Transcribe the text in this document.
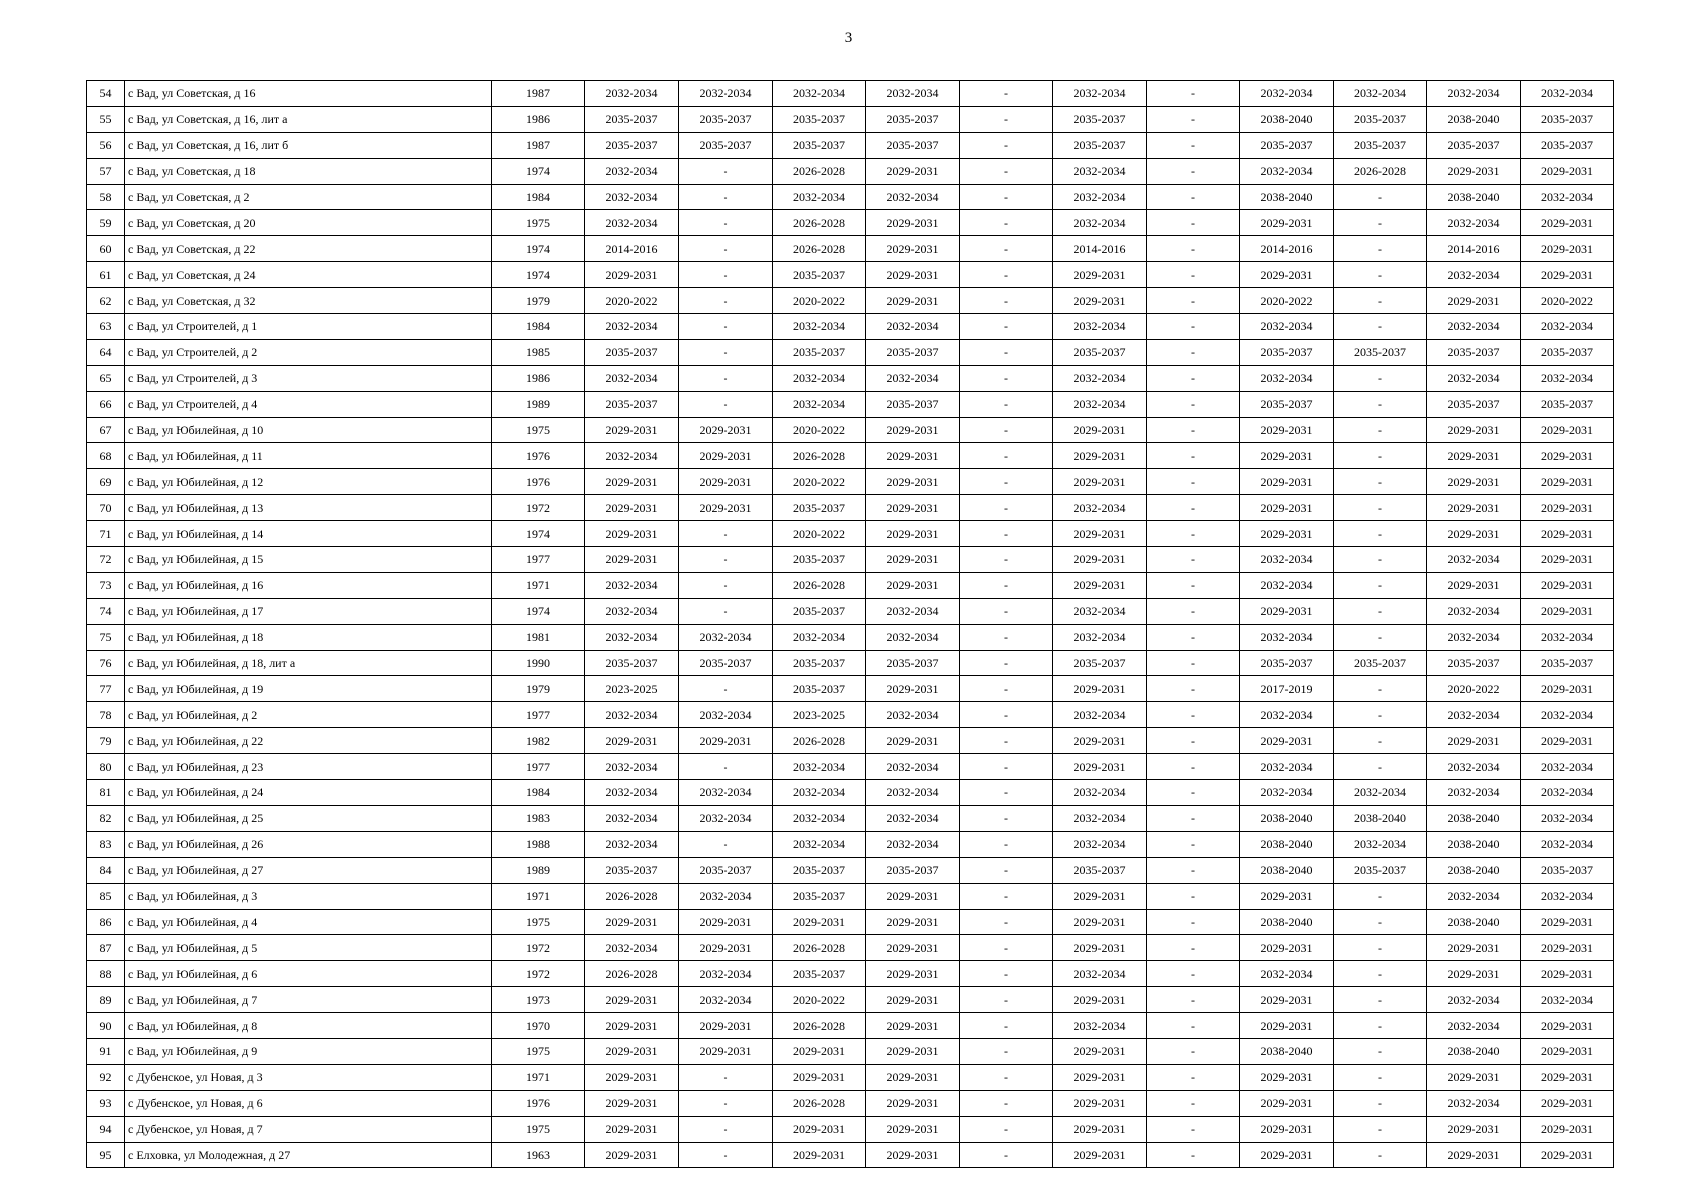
3
54	с Вад, ул Советская, д 16	1987	2032-2034	2032-2034	2032-2034	2032-2034	-	2032-2034	-	2032-2034	2032-2034	2032-2034	2032-2034
55	с Вад, ул Советская, д 16, лит а	1986	2035-2037	2035-2037	2035-2037	2035-2037	-	2035-2037	-	2038-2040	2035-2037	2038-2040	2035-2037
56	с Вад, ул Советская, д 16, лит б	1987	2035-2037	2035-2037	2035-2037	2035-2037	-	2035-2037	-	2035-2037	2035-2037	2035-2037	2035-2037
57	с Вад, ул Советская, д 18	1974	2032-2034	-	2026-2028	2029-2031	-	2032-2034	-	2032-2034	2026-2028	2029-2031	2029-2031
58	с Вад, ул Советская, д 2	1984	2032-2034	-	2032-2034	2032-2034	-	2032-2034	-	2038-2040	-	2038-2040	2032-2034
59	с Вад, ул Советская, д 20	1975	2032-2034	-	2026-2028	2029-2031	-	2032-2034	-	2029-2031	-	2032-2034	2029-2031
60	с Вад, ул Советская, д 22	1974	2014-2016	-	2026-2028	2029-2031	-	2014-2016	-	2014-2016	-	2014-2016	2029-2031
61	с Вад, ул Советская, д 24	1974	2029-2031	-	2035-2037	2029-2031	-	2029-2031	-	2029-2031	-	2032-2034	2029-2031
62	с Вад, ул Советская, д 32	1979	2020-2022	-	2020-2022	2029-2031	-	2029-2031	-	2020-2022	-	2029-2031	2020-2022
63	с Вад, ул Строителей, д 1	1984	2032-2034	-	2032-2034	2032-2034	-	2032-2034	-	2032-2034	-	2032-2034	2032-2034
64	с Вад, ул Строителей, д 2	1985	2035-2037	-	2035-2037	2035-2037	-	2035-2037	-	2035-2037	2035-2037	2035-2037	2035-2037
65	с Вад, ул Строителей, д 3	1986	2032-2034	-	2032-2034	2032-2034	-	2032-2034	-	2032-2034	-	2032-2034	2032-2034
66	с Вад, ул Строителей, д 4	1989	2035-2037	-	2032-2034	2035-2037	-	2032-2034	-	2035-2037	-	2035-2037	2035-2037
67	с Вад, ул Юбилейная, д 10	1975	2029-2031	2029-2031	2020-2022	2029-2031	-	2029-2031	-	2029-2031	-	2029-2031	2029-2031
68	с Вад, ул Юбилейная, д 11	1976	2032-2034	2029-2031	2026-2028	2029-2031	-	2029-2031	-	2029-2031	-	2029-2031	2029-2031
69	с Вад, ул Юбилейная, д 12	1976	2029-2031	2029-2031	2020-2022	2029-2031	-	2029-2031	-	2029-2031	-	2029-2031	2029-2031
70	с Вад, ул Юбилейная, д 13	1972	2029-2031	2029-2031	2035-2037	2029-2031	-	2032-2034	-	2029-2031	-	2029-2031	2029-2031
71	с Вад, ул Юбилейная, д 14	1974	2029-2031	-	2020-2022	2029-2031	-	2029-2031	-	2029-2031	-	2029-2031	2029-2031
72	с Вад, ул Юбилейная, д 15	1977	2029-2031	-	2035-2037	2029-2031	-	2029-2031	-	2032-2034	-	2032-2034	2029-2031
73	с Вад, ул Юбилейная, д 16	1971	2032-2034	-	2026-2028	2029-2031	-	2029-2031	-	2032-2034	-	2029-2031	2029-2031
74	с Вад, ул Юбилейная, д 17	1974	2032-2034	-	2035-2037	2032-2034	-	2032-2034	-	2029-2031	-	2032-2034	2029-2031
75	с Вад, ул Юбилейная, д 18	1981	2032-2034	2032-2034	2032-2034	2032-2034	-	2032-2034	-	2032-2034	-	2032-2034	2032-2034
76	с Вад, ул Юбилейная, д 18, лит а	1990	2035-2037	2035-2037	2035-2037	2035-2037	-	2035-2037	-	2035-2037	2035-2037	2035-2037	2035-2037
77	с Вад, ул Юбилейная, д 19	1979	2023-2025	-	2035-2037	2029-2031	-	2029-2031	-	2017-2019	-	2020-2022	2029-2031
78	с Вад, ул Юбилейная, д 2	1977	2032-2034	2032-2034	2023-2025	2032-2034	-	2032-2034	-	2032-2034	-	2032-2034	2032-2034
79	с Вад, ул Юбилейная, д 22	1982	2029-2031	2029-2031	2026-2028	2029-2031	-	2029-2031	-	2029-2031	-	2029-2031	2029-2031
80	с Вад, ул Юбилейная, д 23	1977	2032-2034	-	2032-2034	2032-2034	-	2029-2031	-	2032-2034	-	2032-2034	2032-2034
81	с Вад, ул Юбилейная, д 24	1984	2032-2034	2032-2034	2032-2034	2032-2034	-	2032-2034	-	2032-2034	2032-2034	2032-2034	2032-2034
82	с Вад, ул Юбилейная, д 25	1983	2032-2034	2032-2034	2032-2034	2032-2034	-	2032-2034	-	2038-2040	2038-2040	2038-2040	2032-2034
83	с Вад, ул Юбилейная, д 26	1988	2032-2034	-	2032-2034	2032-2034	-	2032-2034	-	2038-2040	2032-2034	2038-2040	2032-2034
84	с Вад, ул Юбилейная, д 27	1989	2035-2037	2035-2037	2035-2037	2035-2037	-	2035-2037	-	2038-2040	2035-2037	2038-2040	2035-2037
85	с Вад, ул Юбилейная, д 3	1971	2026-2028	2032-2034	2035-2037	2029-2031	-	2029-2031	-	2029-2031	-	2032-2034	2032-2034
86	с Вад, ул Юбилейная, д 4	1975	2029-2031	2029-2031	2029-2031	2029-2031	-	2029-2031	-	2038-2040	-	2038-2040	2029-2031
87	с Вад, ул Юбилейная, д 5	1972	2032-2034	2029-2031	2026-2028	2029-2031	-	2029-2031	-	2029-2031	-	2029-2031	2029-2031
88	с Вад, ул Юбилейная, д 6	1972	2026-2028	2032-2034	2035-2037	2029-2031	-	2032-2034	-	2032-2034	-	2029-2031	2029-2031
89	с Вад, ул Юбилейная, д 7	1973	2029-2031	2032-2034	2020-2022	2029-2031	-	2029-2031	-	2029-2031	-	2032-2034	2032-2034
90	с Вад, ул Юбилейная, д 8	1970	2029-2031	2029-2031	2026-2028	2029-2031	-	2032-2034	-	2029-2031	-	2032-2034	2029-2031
91	с Вад, ул Юбилейная, д 9	1975	2029-2031	2029-2031	2029-2031	2029-2031	-	2029-2031	-	2038-2040	-	2038-2040	2029-2031
92	с Дубенское, ул Новая, д 3	1971	2029-2031	-	2029-2031	2029-2031	-	2029-2031	-	2029-2031	-	2029-2031	2029-2031
93	с Дубенское, ул Новая, д 6	1976	2029-2031	-	2026-2028	2029-2031	-	2029-2031	-	2029-2031	-	2032-2034	2029-2031
94	с Дубенское, ул Новая, д 7	1975	2029-2031	-	2029-2031	2029-2031	-	2029-2031	-	2029-2031	-	2029-2031	2029-2031
95	с Елховка, ул Молодежная, д 27	1963	2029-2031	-	2029-2031	2029-2031	-	2029-2031	-	2029-2031	-	2029-2031	2029-2031
